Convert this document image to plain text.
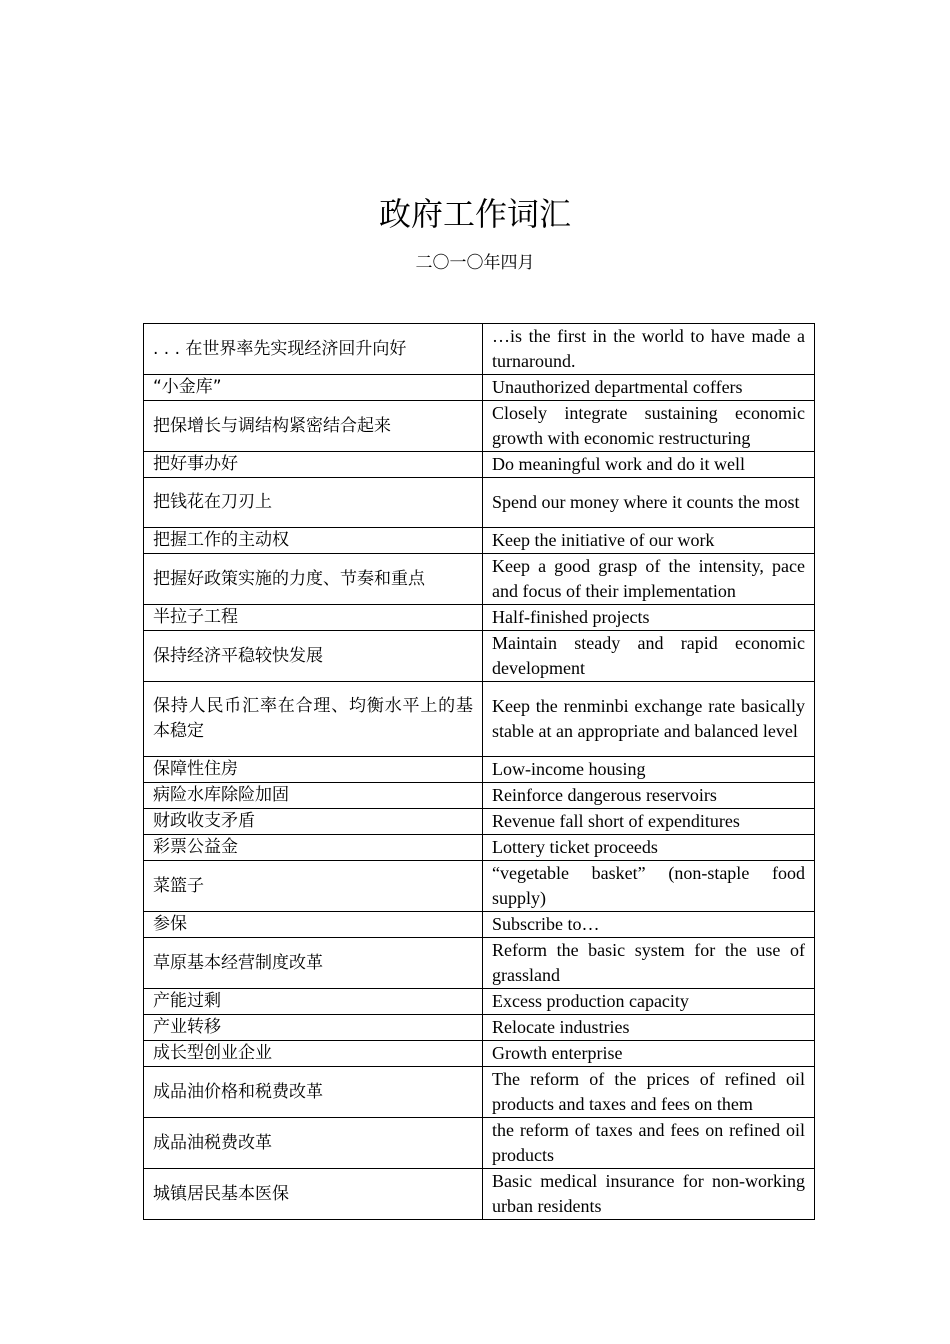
政府工作词汇
二〇一〇年四月
. . . 在世界率先实现经济回升向好	…is the first in the world to have made a turnaround.
“小金库”	Unauthorized departmental coffers
把保增长与调结构紧密结合起来	Closely integrate sustaining economic growth with economic restructuring
把好事办好	Do meaningful work and do it well
把钱花在刀刃上	Spend our money where it counts the most
把握工作的主动权	Keep the initiative of our work
把握好政策实施的力度、节奏和重点	Keep a good grasp of the intensity, pace and focus of their implementation
半拉子工程	Half-finished projects
保持经济平稳较快发展	Maintain steady and rapid economic development
保持人民币汇率在合理、均衡水平上的基本稳定	Keep the renminbi exchange rate basically stable at an appropriate and balanced level
保障性住房	Low-income housing
病险水库除险加固	Reinforce dangerous reservoirs
财政收支矛盾	Revenue fall short of expenditures
彩票公益金	Lottery ticket proceeds
菜篮子	“vegetable basket” (non-staple food supply)
参保	Subscribe to…
草原基本经营制度改革	Reform the basic system for the use of grassland
产能过剩	Excess production capacity
产业转移	Relocate industries
成长型创业企业	Growth enterprise
成品油价格和税费改革	The reform of the prices of refined oil products and taxes and fees on them
成品油税费改革	the reform of taxes and fees on refined oil products
城镇居民基本医保	Basic medical insurance for non-working urban residents
